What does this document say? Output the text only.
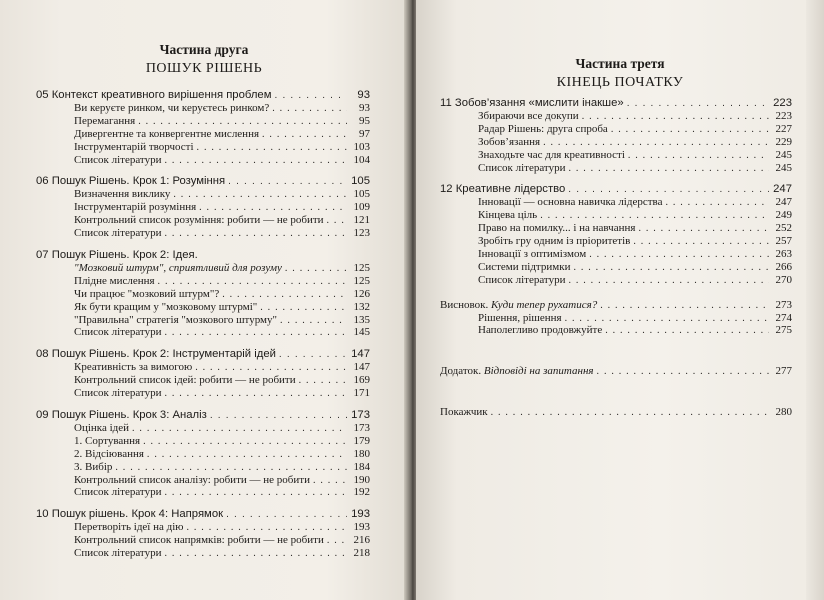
Частина друга
ПОШУК РІШЕНЬ
05 Контекст креативного вирішення проблем . . .	93
Ви керуєте ринком, чи керуєтесь ринком? . . .	93
Перемагання . . .	95
Дивергентне та конвергентне мислення . . .	97
Інструментарій творчості . . .	103
Список літератури . . .	104
06 Пошук Рішень. Крок 1: Розуміння . . .	105
Визначення виклику . . .	105
Інструментарій розуміння . . .	109
Контрольний список розуміння: робити — не робити . . .	121
Список літератури . . .	123
07 Пошук Рішень. Крок 2: Ідея.
"Мозковий штурм", сприятливий для розуму . . .	125
Плідне мислення . . .	125
Чи працює "мозковий штурм"? . . .	126
Як бути кращим у "мозковому штурмі" . . .	132
"Правильна" стратегія "мозкового штурму" . . .	135
Список літератури . . .	145
08 Пошук Рішень. Крок 2: Інструментарій ідей . . .	147
Креативність за вимогою . . .	147
Контрольний список ідей: робити — не робити . . .	169
Список літератури . . .	171
09 Пошук Рішень. Крок 3: Аналіз . . .	173
Оцінка ідей . . .	173
1. Сортування . . .	179
2. Відсіювання . . .	180
3. Вибір . . .	184
Контрольний список аналізу: робити — не робити . . .	190
Список літератури . . .	192
10 Пошук рішень. Крок 4: Напрямок . . .	193
Перетворіть ідеї на дію . . .	193
Контрольний список напрямків: робити — не робити . . .	216
Список літератури . . .	218
Частина третя
КІНЕЦЬ ПОЧАТКУ
11 Зобов’язання «мислити інакше» . . .	223
Збираючи все докупи . . .	223
Радар Рішень: друга спроба . . .	227
Зобов’язання . . .	229
Знаходьте час для креативності . . .	245
Список літератури . . .	245
12 Креативне лідерство . . .	247
Інновації — основна навичка лідерства . . .	247
Кінцева ціль . . .	249
Право на помилку... і на навчання . . .	252
Зробіть гру одним із пріоритетів . . .	257
Інновації з оптимізмом . . .	263
Системи підтримки . . .	266
Список літератури . . .	270
Висновок. Куди тепер рухатися? . . .	273
Рішення, рішення . . .	274
Наполегливо продовжуйте . . .	275
Додаток. Відповіді на запитання . . .	277
Покажчик . . .	280
